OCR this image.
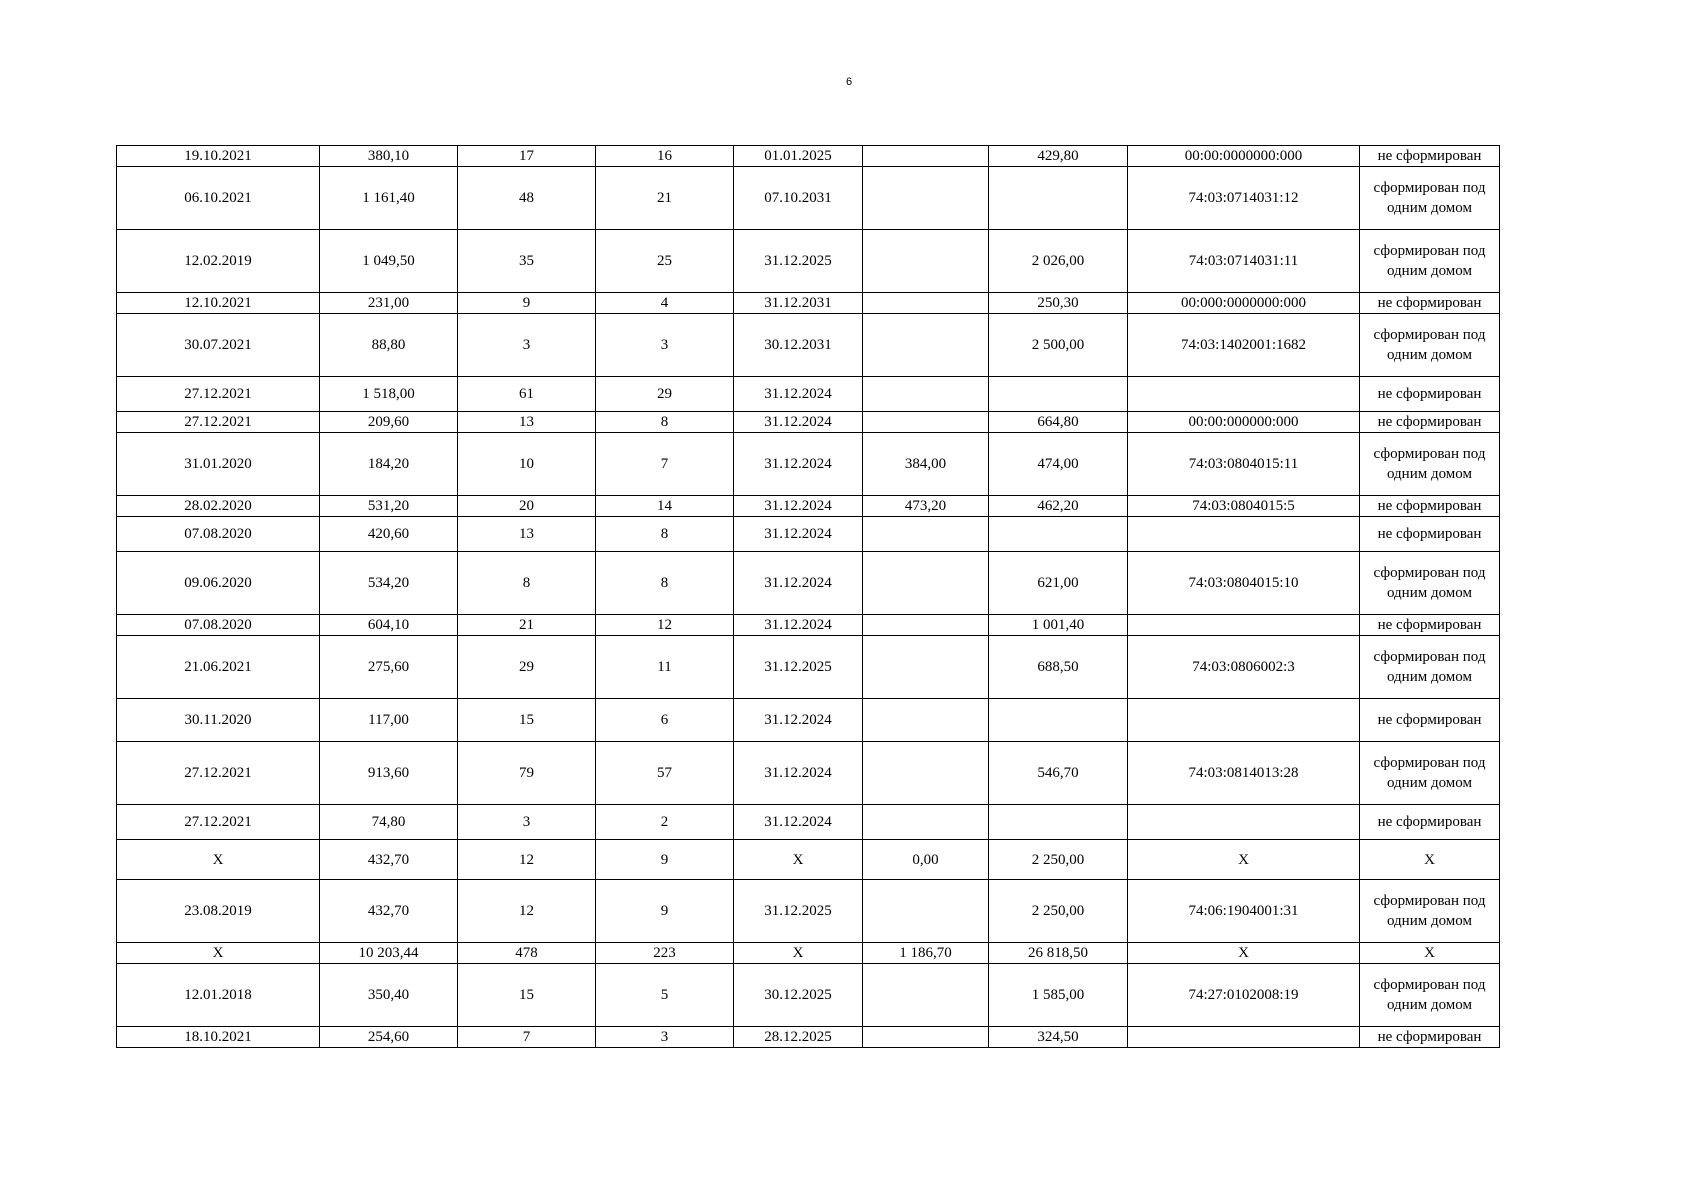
6
19.10.2021	380,10	17	16	01.01.2025		429,80	00:00:0000000:000	не сформирован
06.10.2021	1 161,40	48	21	07.10.2031			74:03:0714031:12	сформирован под одним домом
12.02.2019	1 049,50	35	25	31.12.2025		2 026,00	74:03:0714031:11	сформирован под одним домом
12.10.2021	231,00	9	4	31.12.2031		250,30	00:000:0000000:000	не сформирован
30.07.2021	88,80	3	3	30.12.2031		2 500,00	74:03:1402001:1682	сформирован под одним домом
27.12.2021	1 518,00	61	29	31.12.2024				не сформирован
27.12.2021	209,60	13	8	31.12.2024		664,80	00:00:000000:000	не сформирован
31.01.2020	184,20	10	7	31.12.2024	384,00	474,00	74:03:0804015:11	сформирован под одним домом
28.02.2020	531,20	20	14	31.12.2024	473,20	462,20	74:03:0804015:5	не сформирован
07.08.2020	420,60	13	8	31.12.2024				не сформирован
09.06.2020	534,20	8	8	31.12.2024		621,00	74:03:0804015:10	сформирован под одним домом
07.08.2020	604,10	21	12	31.12.2024		1 001,40		не сформирован
21.06.2021	275,60	29	11	31.12.2025		688,50	74:03:0806002:3	сформирован под одним домом
30.11.2020	117,00	15	6	31.12.2024				не сформирован
27.12.2021	913,60	79	57	31.12.2024		546,70	74:03:0814013:28	сформирован под одним домом
27.12.2021	74,80	3	2	31.12.2024				не сформирован
X	432,70	12	9	X	0,00	2 250,00	X	X
23.08.2019	432,70	12	9	31.12.2025		2 250,00	74:06:1904001:31	сформирован под одним домом
X	10 203,44	478	223	X	1 186,70	26 818,50	X	X
12.01.2018	350,40	15	5	30.12.2025		1 585,00	74:27:0102008:19	сформирован под одним домом
18.10.2021	254,60	7	3	28.12.2025		324,50		не сформирован
